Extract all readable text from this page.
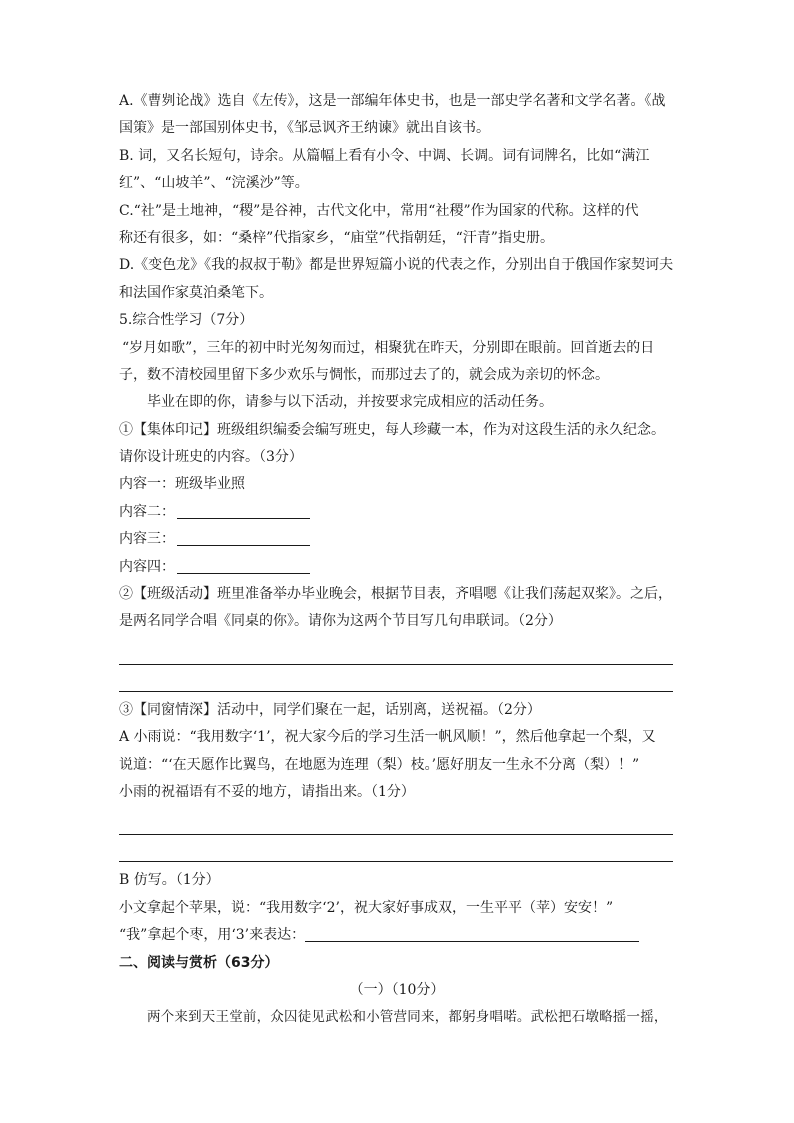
A.《曹刿论战》选自《左传》，这是一部编年体史书，也是一部史学名著和文学名著。《战
国策》是一部国别体史书，《邹忌讽齐王纳谏》就出自该书。
B. 词，又名长短句，诗余。从篇幅上看有小令、中调、长调。词有词牌名，比如“满江
红”、“山坡羊”、“浣溪沙”等。
C.“社”是土地神，“稷”是谷神，古代文化中，常用“社稷”作为国家的代称。这样的代
称还有很多，如：“桑梓”代指家乡，“庙堂”代指朝廷，“汗青”指史册。
D.《变色龙》《我的叔叔于勒》都是世界短篇小说的代表之作，分别出自于俄国作家契诃夫
和法国作家莫泊桑笔下。
5.综合性学习（7分）
“岁月如歌”，三年的初中时光匆匆而过，相聚犹在昨天，分别即在眼前。回首逝去的日
子，数不清校园里留下多少欢乐与惆怅，而那过去了的，就会成为亲切的怀念。
毕业在即的你，请参与以下活动，并按要求完成相应的活动任务。
①【集体印记】班级组织编委会编写班史，每人珍藏一本，作为对这段生活的永久纪念。
请你设计班史的内容。（3分）
内容一：班级毕业照
内容二：
内容三：
内容四：
②【班级活动】班里准备举办毕业晚会，根据节目表，齐唱嗯《让我们荡起双桨》。之后，
是两名同学合唱《同桌的你》。请你为这两个节目写几句串联词。（2分）
③【同窗情深】活动中，同学们聚在一起，话别离，送祝福。（2分）
A 小雨说：“我用数字‘1’，祝大家今后的学习生活一帆风顺！”，然后他拿起一个梨，又
说道：“‘在天愿作比翼鸟，在地愿为连理（梨）枝。’愿好朋友一生永不分离（梨）！”
小雨的祝福语有不妥的地方，请指出来。（1分）
B 仿写。（1分）
小文拿起个苹果，说：“我用数字‘2’，祝大家好事成双，一生平平（苹）安安！”
“我”拿起个枣，用‘3’来表达：
二、阅读与赏析（63分）
（一）（10分）
两个来到天王堂前，众囚徒见武松和小管营同来，都躬身唱喏。武松把石墩略摇一摇，
